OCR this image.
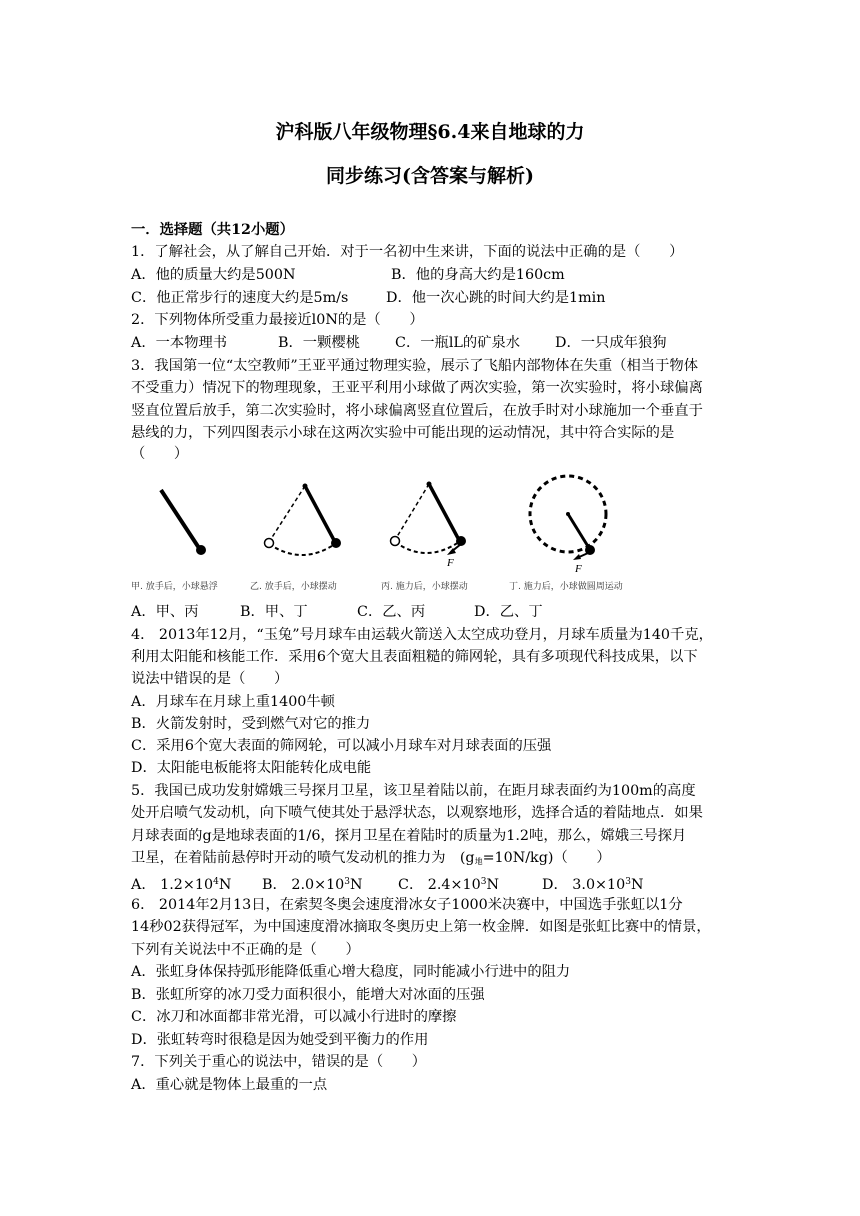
沪科版八年级物理§6.4来自地球的力
同步练习(含答案与解析)
一．选择题（共12小题）
1．了解社会，从了解自己开始．对于一名初中生来讲，下面的说法中正确的是（　　）
A．他的质量大约是500N	B．他的身高大约是160cm
C．他正常步行的速度大约是5m/s	D．他一次心跳的时间大约是1min
2．下列物体所受重力最接近l0N的是（　　）
A．一本物理书	B．一颗樱桃 C．一瓶lL的矿泉水 D．一只成年狼狗
3．我国第一位“太空教师”王亚平通过物理实验，展示了飞船内部物体在失重（相当于物体
不受重力）情况下的物理现象，王亚平利用小球做了两次实验，第一次实验时，将小球偏离
竖直位置后放手，第二次实验时，将小球偏离竖直位置后，在放手时对小球施加一个垂直于
悬线的力，下列四图表示小球在这两次实验中可能出现的运动情况，其中符合实际的是
（　　）
F	F
甲. 放手后，小球悬浮	乙. 放手后，小球摆动	丙. 施力后，小球摆动	丁. 施力后，小球做圆周运动
A．甲、丙	B．甲、丁	C．乙、丙	D．乙、丁
4． 2013年12月，“玉兔”号月球车由运载火箭送入太空成功登月，月球车质量为140千克，
利用太阳能和核能工作．采用6个宽大且表面粗糙的筛网轮，具有多项现代科技成果，以下
说法中错误的是（　　）
A．月球车在月球上重1400牛顿
B．火箭发射时，受到燃气对它的推力
C．采用6个宽大表面的筛网轮，可以减小月球车对月球表面的压强
D．太阳能电板能将太阳能转化成电能
5．我国已成功发射嫦娥三号探月卫星，该卫星着陆以前，在距月球表面约为100m的高度
处开启喷气发动机，向下喷气使其处于悬浮状态，以观察地形，选择合适的着陆地点．如果
月球表面的g是地球表面的1/6，探月卫星在着陆时的质量为1.2吨，那么，嫦娥三号探月
卫星，在着陆前悬停时开动的喷气发动机的推力为　$(g_地=10N/kg)$（　　）
A． $1.2\times 10^4N$ B． $2.0\times 10^3N$ C． $2.4\times 10^3N$	D． $3.0\times 10^3N$
6． 2014年2月13日，在索契冬奥会速度滑冰女子1000米决赛中，中国选手张虹以1分
14秒02获得冠军，为中国速度滑冰摘取冬奥历史上第一枚金牌．如图是张虹比赛中的情景，
下列有关说法中不正确的是（　　）
A．张虹身体保持弧形能降低重心增大稳度，同时能减小行进中的阻力
B．张虹所穿的冰刀受力面积很小，能增大对冰面的压强
C．冰刀和冰面都非常光滑，可以减小行进时的摩擦
D．张虹转弯时很稳是因为她受到平衡力的作用
7．下列关于重心的说法中，错误的是（　　）
A．重心就是物体上最重的一点
